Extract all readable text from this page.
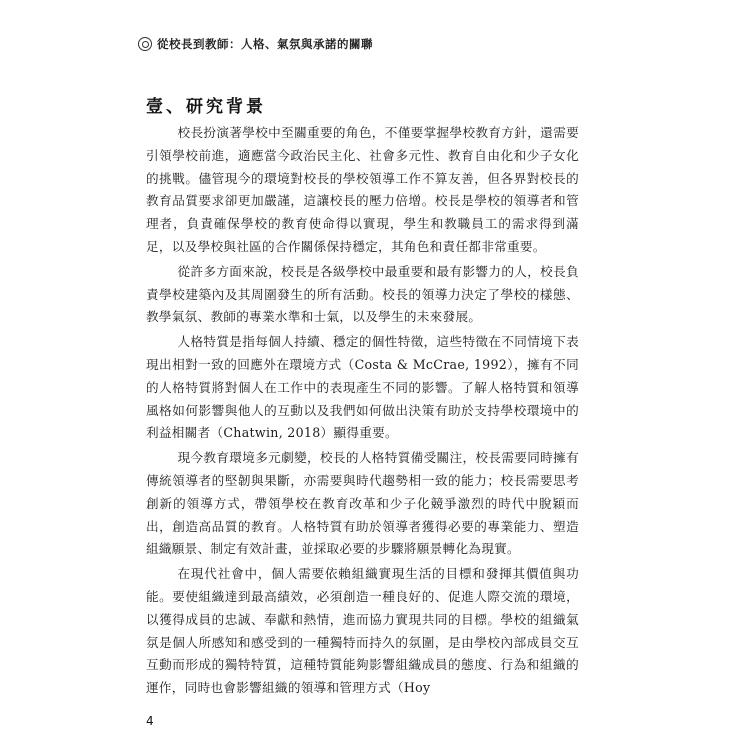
從校長到教師：人格、氣氛與承諾的關聯
壹、研究背景

校長扮演著學校中至關重要的角色，不僅要掌握學校教育方針，還需要引領學校前進，適應當今政治民主化、社會多元性、教育自由化和少子女化的挑戰。儘管現今的環境對校長的學校領導工作不算友善，但各界對校長的教育品質要求卻更加嚴謹，這讓校長的壓力倍增。校長是學校的領導者和管理者，負責確保學校的教育使命得以實現，學生和教職員工的需求得到滿足，以及學校與社區的合作關係保持穩定，其角色和責任都非常重要。

從許多方面來說，校長是各級學校中最重要和最有影響力的人，校長負責學校建築內及其周圍發生的所有活動。校長的領導力決定了學校的樣態、教學氣氛、教師的專業水準和士氣，以及學生的未來發展。

人格特質是指每個人持續、穩定的個性特徵，這些特徵在不同情境下表現出相對一致的回應外在環境方式（Costa & McCrae, 1992），擁有不同的人格特質將對個人在工作中的表現產生不同的影響。了解人格特質和領導風格如何影響與他人的互動以及我們如何做出決策有助於支持學校環境中的利益相關者（Chatwin, 2018）顯得重要。

現今教育環境多元劇變，校長的人格特質備受關注，校長需要同時擁有傳統領導者的堅韌與果斷，亦需要與時代趨勢相一致的能力；校長需要思考創新的領導方式，帶領學校在教育改革和少子化競爭激烈的時代中脫穎而出，創造高品質的教育。人格特質有助於領導者獲得必要的專業能力、塑造組織願景、制定有效計畫，並採取必要的步驟將願景轉化為現實。

在現代社會中，個人需要依賴組織實現生活的目標和發揮其價值與功能。要使組織達到最高績效，必須創造一種良好的、促進人際交流的環境，以獲得成員的忠誠、奉獻和熱情，進而協力實現共同的目標。學校的組織氣氛是個人所感知和感受到的一種獨特而持久的氛圍，是由學校內部成員交互互動而形成的獨特特質，這種特質能夠影響組織成員的態度、行為和組織的運作，同時也會影響組織的領導和管理方式（Hoy

4
